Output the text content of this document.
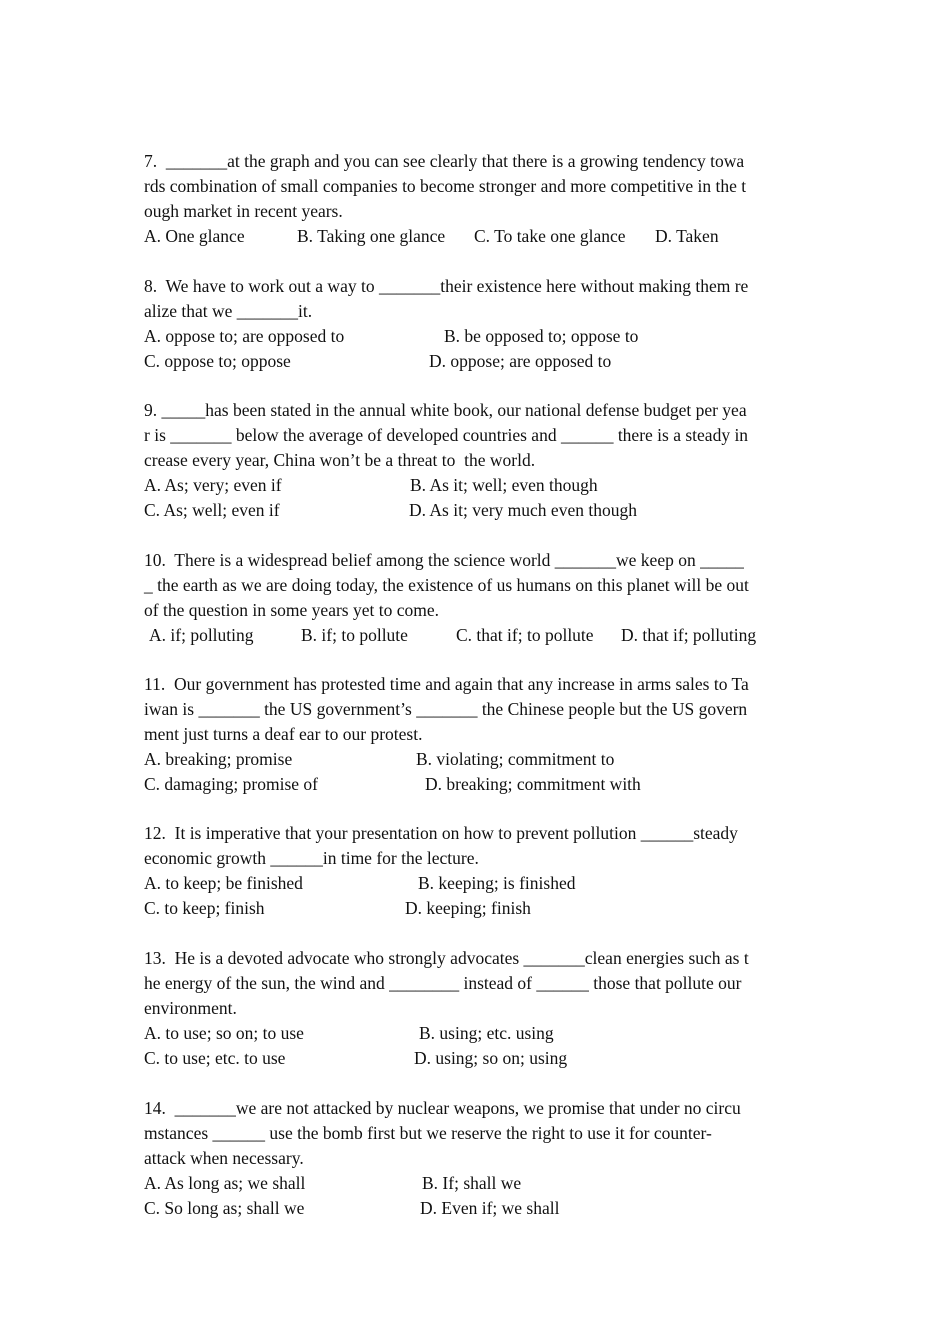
7.  _______at the graph and you can see clearly that there is a growing tendency towa
rds combination of small companies to become stronger and more competitive in the t
ough market in recent years.
A. One glance	B. Taking one glance C. To take one glance D. Taken
8.  We have to work out a way to _______their existence here without making them re
alize that we _______it.
A. oppose to; are opposed to	B. be opposed to; oppose to
C. oppose to; oppose	D. oppose; are opposed to
9. _____has been stated in the annual white book, our national defense budget per yea
r is _______ below the average of developed countries and ______ there is a steady in
crease every year, China won’t be a threat to  the world.
A. As; very; even if	B. As it; well; even though
C. As; well; even if	D. As it; very much even though
10.  There is a widespread belief among the science world _______we keep on _____
_ the earth as we are doing today, the existence of us humans on this planet will be out
of the question in some years yet to come.
A. if; polluting	B. if; to pollute	C. that if; to pollute D. that if; polluting
11.  Our government has protested time and again that any increase in arms sales to Ta
iwan is _______ the US government’s _______ the Chinese people but the US govern
ment just turns a deaf ear to our protest.
A. breaking; promise	B. violating; commitment to
C. damaging; promise of	D. breaking; commitment with
12.  It is imperative that your presentation on how to prevent pollution ______steady
economic growth ______in time for the lecture.
A. to keep; be finished	B. keeping; is finished
C. to keep; finish	D. keeping; finish
13.  He is a devoted advocate who strongly advocates _______clean energies such as t
he energy of the sun, the wind and ________ instead of ______ those that pollute our
environment.
A. to use; so on; to use	B. using; etc. using
C. to use; etc. to use	D. using; so on; using
14.  _______we are not attacked by nuclear weapons, we promise that under no circu
mstances ______ use the bomb first but we reserve the right to use it for counter-
attack when necessary.
A. As long as; we shall	B. If; shall we
C. So long as; shall we	D. Even if; we shall
